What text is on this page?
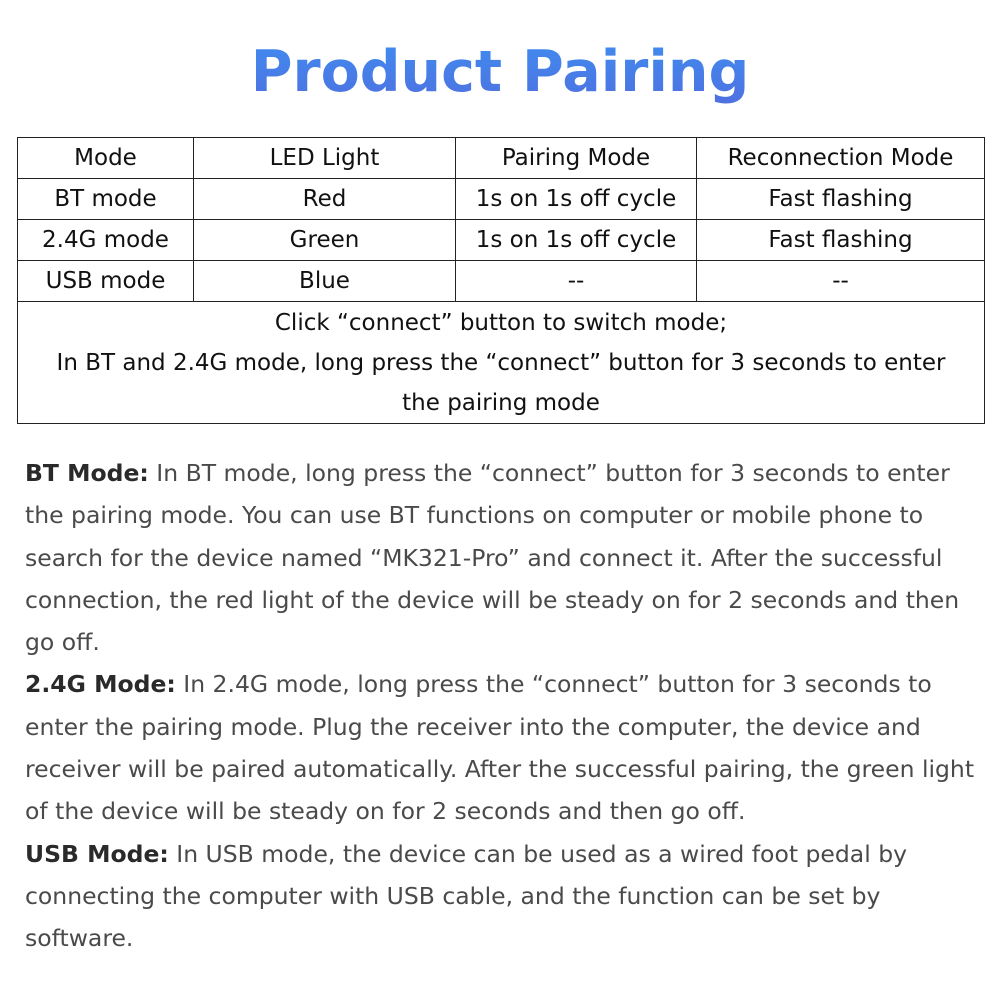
Product Pairing
Mode	LED Light	Pairing Mode	Reconnection Mode
BT mode	Red	1s on 1s off cycle	Fast flashing
2.4G mode	Green	1s on 1s off cycle	Fast flashing
USB mode	Blue	--	--

Click “connect” button to switch mode;
In BT and 2.4G mode, long press the “connect” button for 3 seconds to enter the pairing mode			

BT Mode: In BT mode, long press the “connect” button for 3 seconds to enter the pairing mode. You can use BT functions on computer or mobile phone to search for the device named “MK321-Pro” and connect it. After the successful connection, the red light of the device will be steady on for 2 seconds and then go off.

2.4G Mode: In 2.4G mode, long press the “connect” button for 3 seconds to enter the pairing mode. Plug the receiver into the computer, the device and receiver will be paired automatically. After the successful pairing, the green light of the device will be steady on for 2 seconds and then go off.

USB Mode: In USB mode, the device can be used as a wired foot pedal by connecting the computer with USB cable, and the function can be set by software.
